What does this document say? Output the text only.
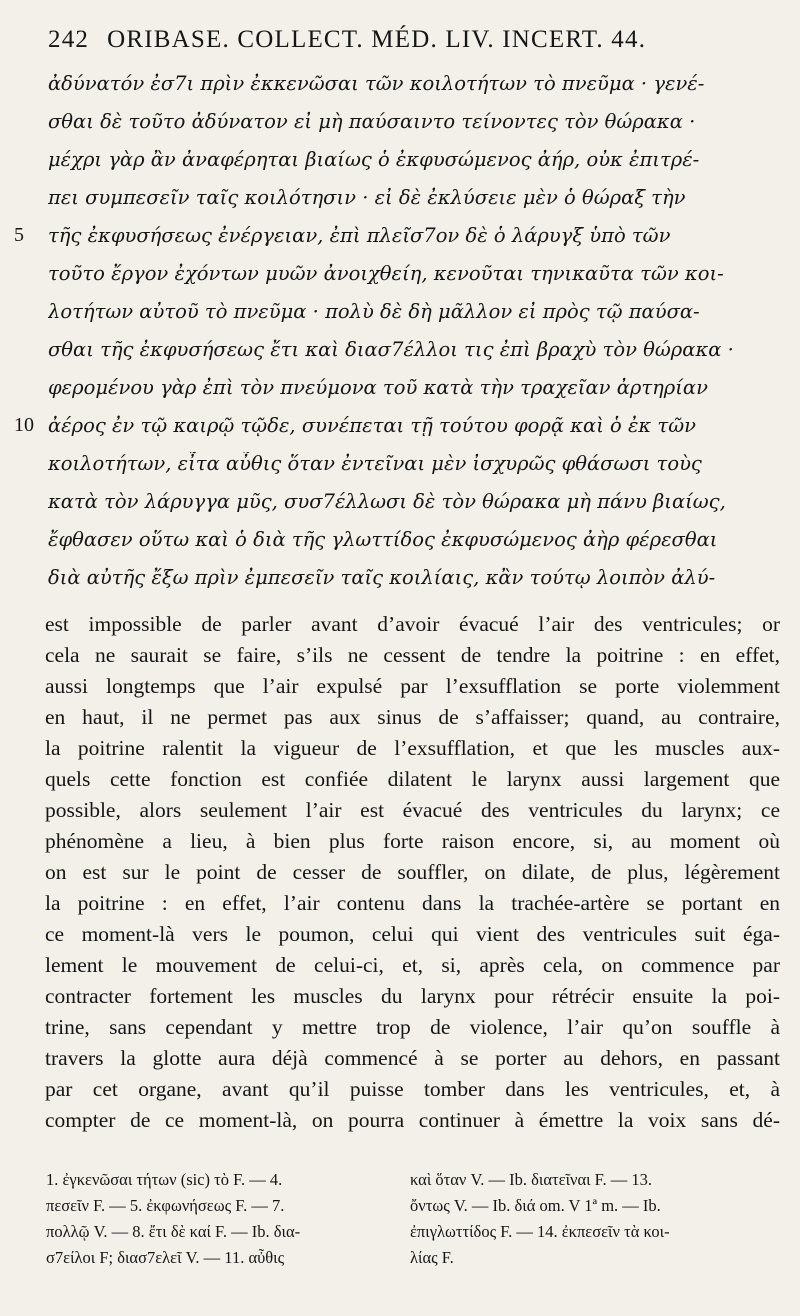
242 ORIBASE. COLLECT. MÉD. LIV. INCERT. 44.
ἀδύνατόν ἐσ7ι πρὶν ἐκκενῶσαι τῶν κοιλοτήτων τὸ πνεῦμα · γενέ-
σθαι δὲ τοῦτο ἀδύνατον εἰ μὴ παύσαιντο τείνοντες τὸν θώρακα ·
μέχρι γὰρ ἂν ἀναφέρηται βιαίως ὁ ἐκφυσώμενος ἀήρ, οὐκ ἐπιτρέ-
πει συμπεσεῖν ταῖς κοιλότησιν · εἰ δὲ ἐκλύσειε μὲν ὁ θώραξ τὴν
5	τῆς ἐκφυσήσεως ἐνέργειαν, ἐπὶ πλεῖσ7ον δὲ ὁ λάρυγξ ὑπὸ τῶν
τοῦτο ἔργον ἐχόντων μυῶν ἀνοιχθείη, κενοῦται τηνικαῦτα τῶν κοι-
λοτήτων αὐτοῦ τὸ πνεῦμα · πολὺ δὲ δὴ μᾶλλον εἰ πρὸς τῷ παύσα-
σθαι τῆς ἐκφυσήσεως ἔτι καὶ διασ7έλλοι τις ἐπὶ βραχὺ τὸν θώρακα ·
φερομένου γὰρ ἐπὶ τὸν πνεύμονα τοῦ κατὰ τὴν τραχεῖαν ἀρτηρίαν
10 ἀέρος ἐν τῷ καιρῷ τῷδε, συνέπεται τῇ τούτου φορᾷ καὶ ὁ ἐκ τῶν
κοιλοτήτων, εἶτα αὖθις ὅταν ἐντεῖναι μὲν ἰσχυρῶς φθάσωσι τοὺς
κατὰ τὸν λάρυγγα μῦς, συσ7έλλωσι δὲ τὸν θώρακα μὴ πάνυ βιαίως,
ἔφθασεν οὕτω καὶ ὁ διὰ τῆς γλωττίδος ἐκφυσώμενος ἀὴρ φέρεσθαι
διὰ αὐτῆς ἔξω πρὶν ἐμπεσεῖν ταῖς κοιλίαις, κἂν τούτῳ λοιπὸν ἀλύ-
est impossible de parler avant d’avoir évacué l’air des ventricules; or
cela ne saurait se faire, s’ils ne cessent de tendre la poitrine : en effet,
aussi longtemps que l’air expulsé par l’exsufflation se porte violemment
en haut, il ne permet pas aux sinus de s’affaisser; quand, au contraire,
la poitrine ralentit la vigueur de l’exsufflation, et que les muscles aux-
quels cette fonction est confiée dilatent le larynx aussi largement que
possible, alors seulement l’air est évacué des ventricules du larynx; ce
phénomène a lieu, à bien plus forte raison encore, si, au moment où
on est sur le point de cesser de souffler, on dilate, de plus, légèrement
la poitrine : en effet, l’air contenu dans la trachée-artère se portant en
ce moment-là vers le poumon, celui qui vient des ventricules suit éga-
lement le mouvement de celui-ci, et, si, après cela, on commence par
contracter fortement les muscles du larynx pour rétrécir ensuite la poi-
trine, sans cependant y mettre trop de violence, l’air qu’on souffle à
travers la glotte aura déjà commencé à se porter au dehors, en passant
par cet organe, avant qu’il puisse tomber dans les ventricules, et, à
compter de ce moment-là, on pourra continuer à émettre la voix sans dé-
1. ἐγκενῶσαι τήτων (sic) τὸ F. — 4.
πεσεῖν F. — 5. ἐκφωνήσεως F. — 7.
πολλῷ V. — 8. ἔτι δὲ καί F. — Ib. δια-
σ7είλοι F; διασ7ελεῖ V. — 11. αὖθις
καὶ ὅταν V. — Ib. διατεῖναι F. — 13.
ὄντως V. — Ib. διά om. V 1ª m. — Ib.
ἐπιγλωττίδος F. — 14. ἐκπεσεῖν τὰ κοι-
λίας F.
